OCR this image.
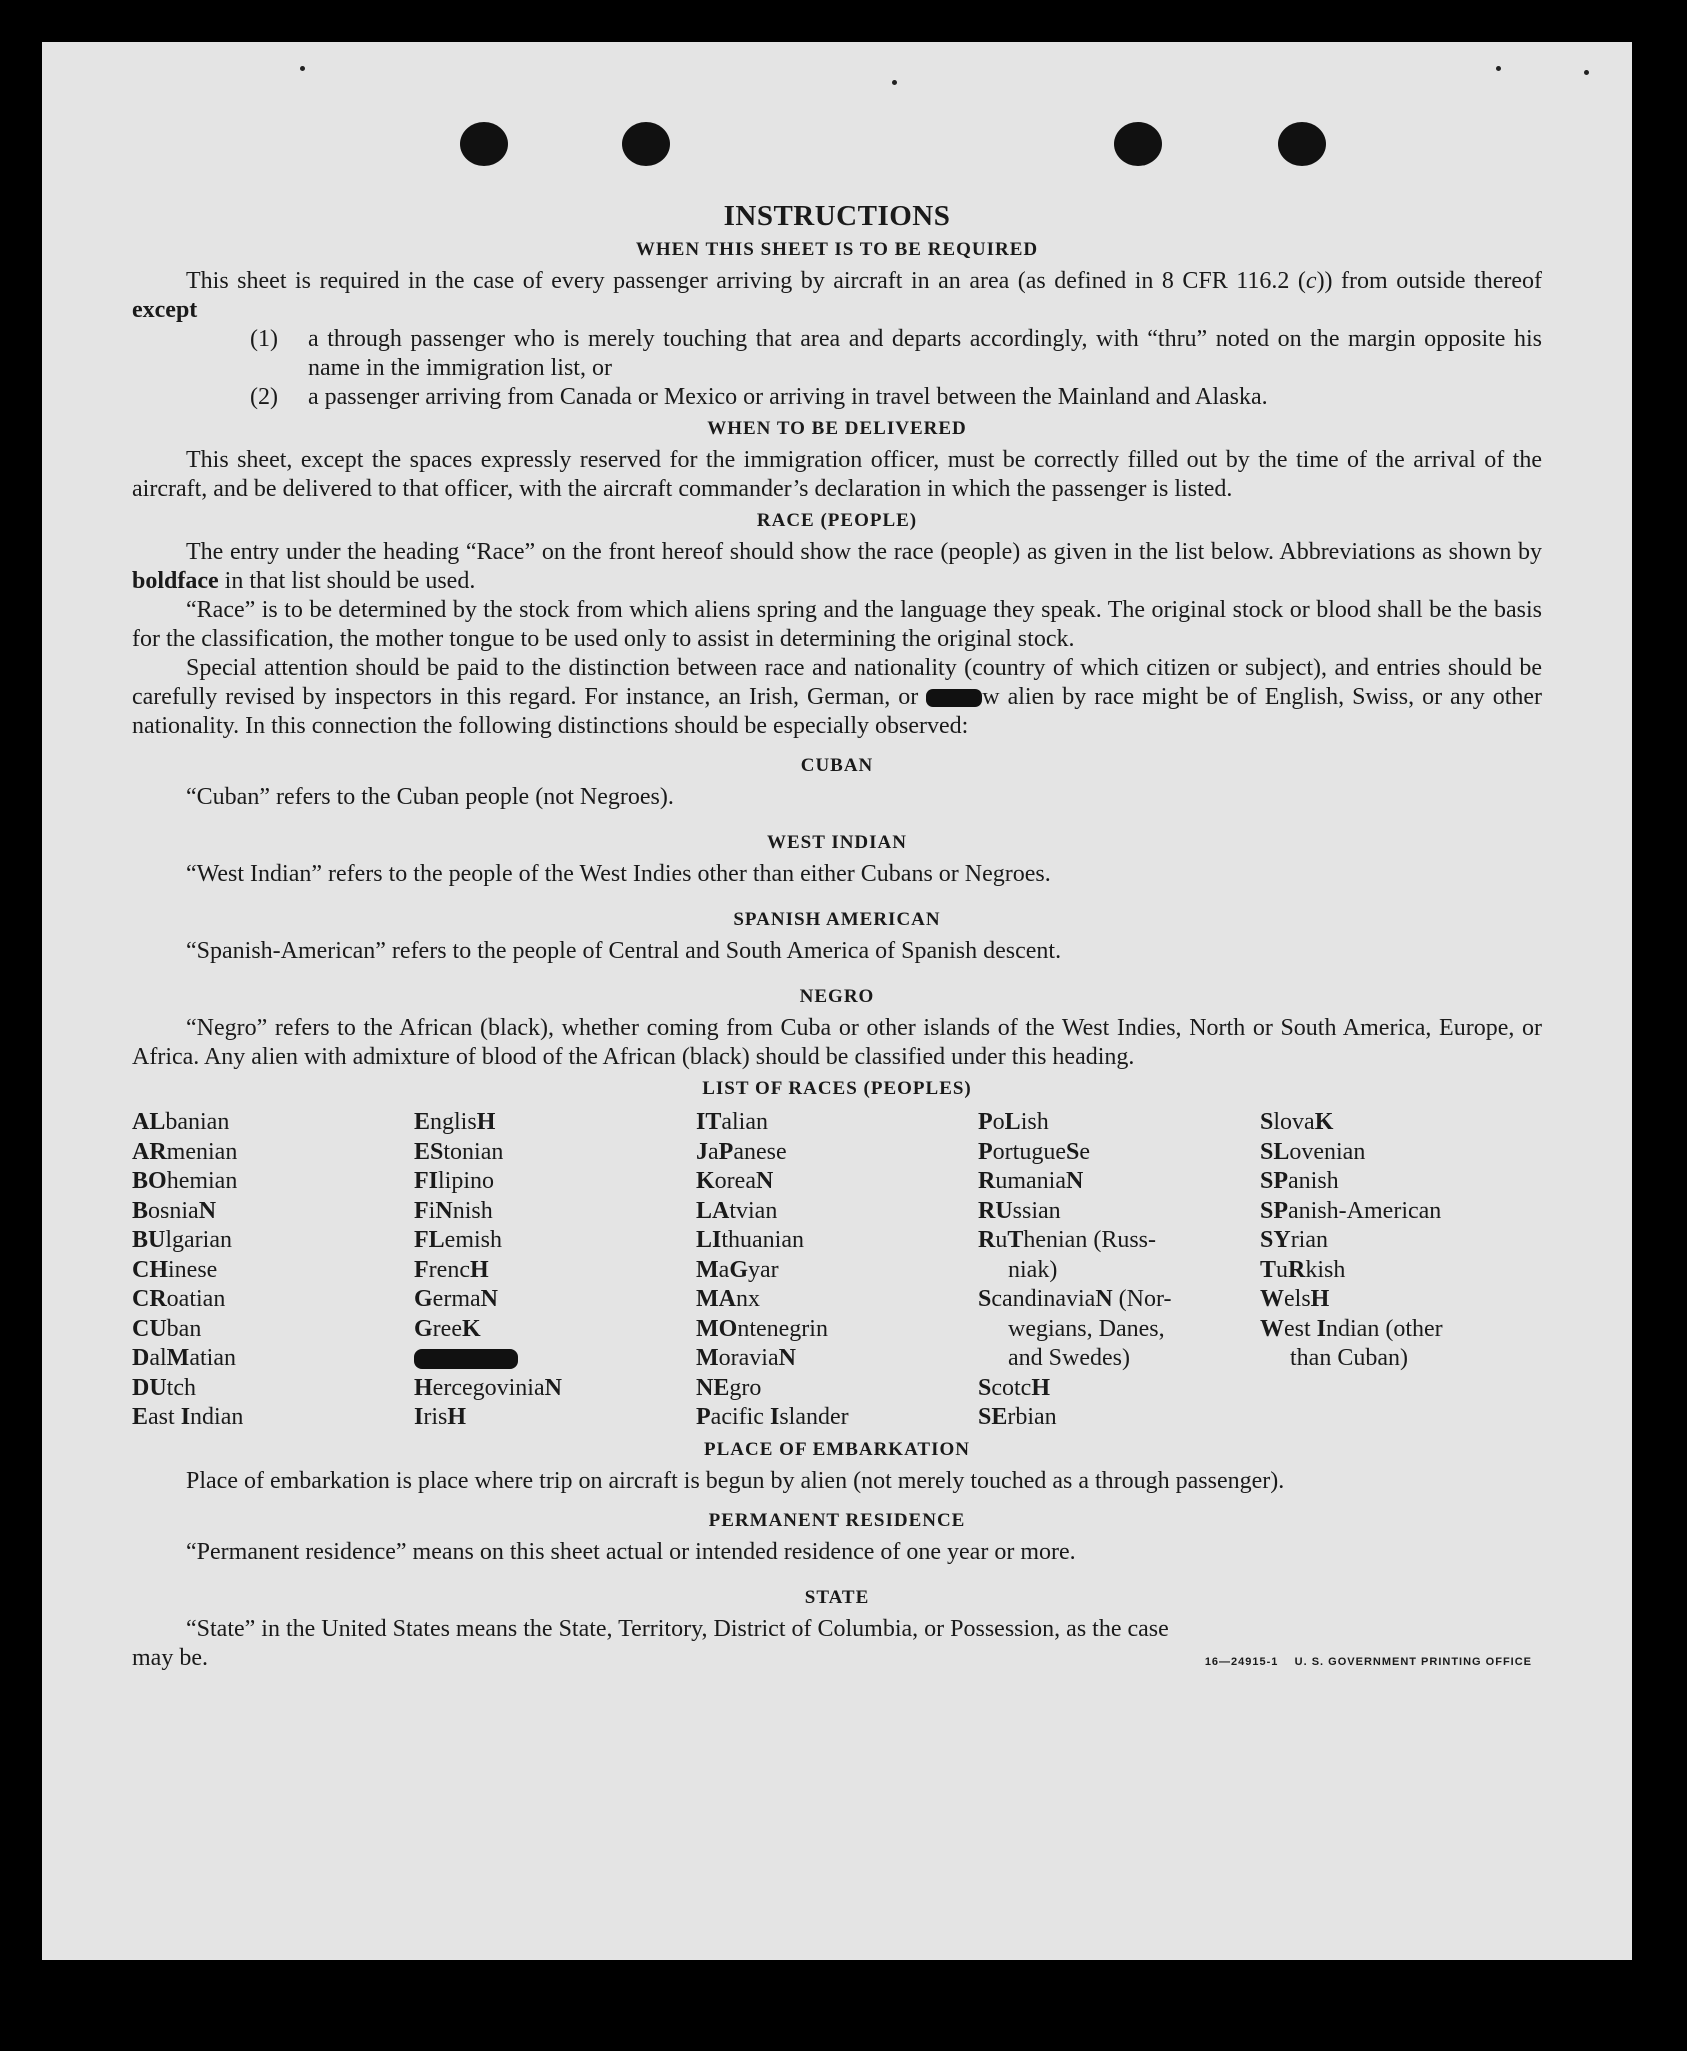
INSTRUCTIONS
WHEN THIS SHEET IS TO BE REQUIRED

This sheet is required in the case of every passenger arriving by aircraft in an area (as defined in 8 CFR 116.2 (c)) from outside thereof except

(1)	a through passenger who is merely touching that area and departs accordingly, with “thru” noted on the margin opposite his name in the immigration list, or
(2)	a passenger arriving from Canada or Mexico or arriving in travel between the Mainland and Alaska.
WHEN TO BE DELIVERED

This sheet, except the spaces expressly reserved for the immigration officer, must be correctly filled out by the time of the arrival of the aircraft, and be delivered to that officer, with the aircraft commander’s declaration in which the passenger is listed.

RACE (PEOPLE)

The entry under the heading “Race” on the front hereof should show the race (people) as given in the list below. Abbreviations as shown by boldface in that list should be used.

“Race” is to be determined by the stock from which aliens spring and the language they speak. The original stock or blood shall be the basis for the classification, the mother tongue to be used only to assist in determining the original stock.

Special attention should be paid to the distinction between race and nationality (country of which citizen or subject), and entries should be carefully revised by inspectors in this regard. For instance, an Irish, German, or w alien by race might be of English, Swiss, or any other nationality. In this connection the following distinctions should be especially observed:

CUBAN

“Cuban” refers to the Cuban people (not Negroes).

WEST INDIAN

“West Indian” refers to the people of the West Indies other than either Cubans or Negroes.

SPANISH AMERICAN

“Spanish-American” refers to the people of Central and South America of Spanish descent.

NEGRO

“Negro” refers to the African (black), whether coming from Cuba or other islands of the West Indies, North or South America, Europe, or Africa. Any alien with admixture of blood of the African (black) should be classified under this heading.

LIST OF RACES (PEOPLES)
ALbanian
ARmenian
BOhemian
BosniaN
BUlgarian
CHinese
CRoatian
CUban
DalMatian
DUtch
East Indian
EnglisH
EStonian
FIlipino
FiNnish
FLemish
FrencH
GermaN
GreeK
HercegoviniaN
IrisH
ITalian
JaPanese
KoreaN
LAtvian
LIthuanian
MaGyar
MAnx
MOntenegrin
MoraviaN
NEgro
Pacific Islander
PoLish
PortugueSe
RumaniaN
RUssian
RuThenian (Russ-
niak)
ScandinaviaN (Nor-
wegians, Danes,
and Swedes)
ScotcH
SErbian
SlovaK
SLovenian
SPanish
SPanish-American
SYrian
TuRkish
WelsH
West Indian (other
than Cuban)
PLACE OF EMBARKATION

Place of embarkation is place where trip on aircraft is begun by alien (not merely touched as a through passenger).

PERMANENT RESIDENCE

“Permanent residence” means on this sheet actual or intended residence of one year or more.

STATE

“State” in the United States means the State, Territory, District of Columbia, or Possession, as the case

may be.	16—24915‑1 U. S. GOVERNMENT PRINTING OFFICE
